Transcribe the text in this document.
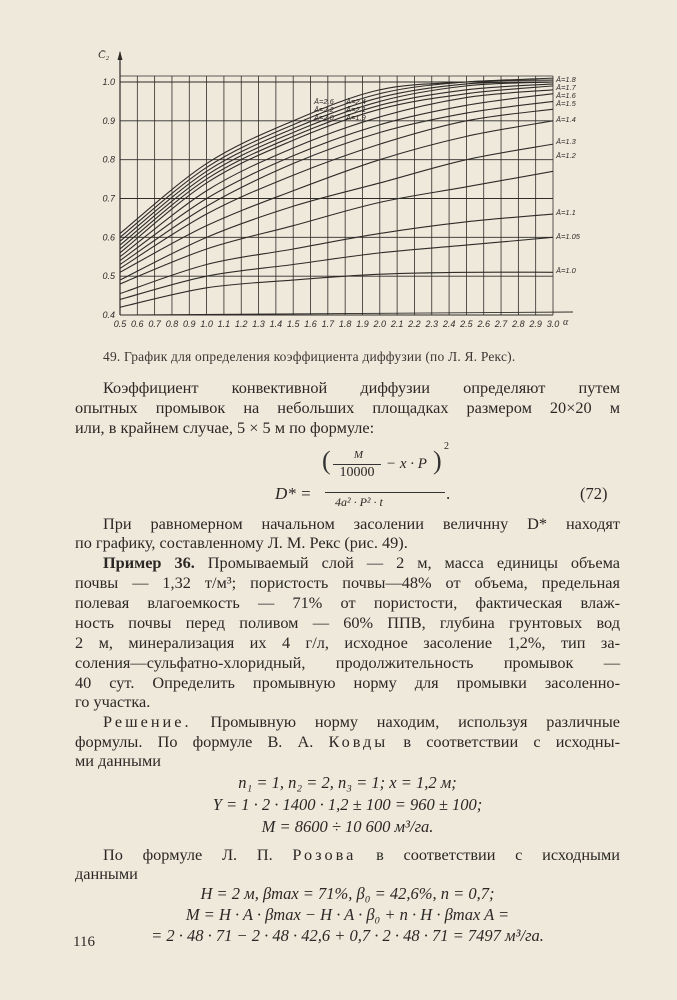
0.5 0.6 0.7 0.8 0.9 1.0 1.1 1.2 1.3 1.4 1.5 1.6 1.7 1.8 1.9 2.0 2.1 2.2 2.3 2.4 2.5 2.6 2.7 2.8 2.9 3.0
0.4
0.5
0.6
0.7
0.8
0.9
1.0
C̄₂
α
Ā=1.0
Ā=1.05
Ā=1.1
Ā=1.2
Ā=1.3
Ā=1.4
Ā=1.5
Ā=1.6
Ā=1.7
Ā=1.8
Ā=1.9
Ā=2.0
Ā=2.1
Ā=2.2
Ā=2.4
Ā=2.6
49. График для определения коэффициента диффузии (по Л. Я. Рекс).
Коэффициент конвективной диффузии определяют путем
опытных промывок на небольших площадках размером 20×20 м
или, в крайнем случае, 5 × 5 м по формуле:
D* =
(	M
10000
− x · P ) 2
4a² · P² · t	.	(72)
При равномерном начальном засолении величнну D* находят
по графику, составленному Л. М. Рекс (рис. 49).
Пример 36. Промываемый слой — 2 м, масса единицы объема
почвы — 1,32 т/м³; пористость почвы—48% от объема, предельная
полевая влагоемкость — 71% от пористости, фактическая влаж-
ность почвы перед поливом — 60% ППВ, глубина грунтовых вод
2 м, минерализация их 4 г/л, исходное засоление 1,2%, тип за-
соления—сульфатно-хлоридный, продолжительность промывок —
40 сут. Определить промывную норму для промывки засоленно-
го участка.
Решение. Промывную норму находим, используя различные
формулы. По формуле В. А. Ковды в соответствии с исходны-
ми данными
n₁ = 1, n₂ = 2, n₃ = 1; x = 1,2 м;
Y = 1 · 2 · 1400 · 1,2 ± 100 = 960 ± 100;
M = 8600 ÷ 10 600 м³/га.
По формуле Л. П. Розова в соответствии с исходными
данными
H = 2 м, βmax = 71%, β₀ = 42,6%, n = 0,7;
M = H · A · βmax − H · A · β₀ + n · H · βmax A =
= 2 · 48 · 71 − 2 · 48 · 42,6 + 0,7 · 2 · 48 · 71 = 7497 м³/га.
116
